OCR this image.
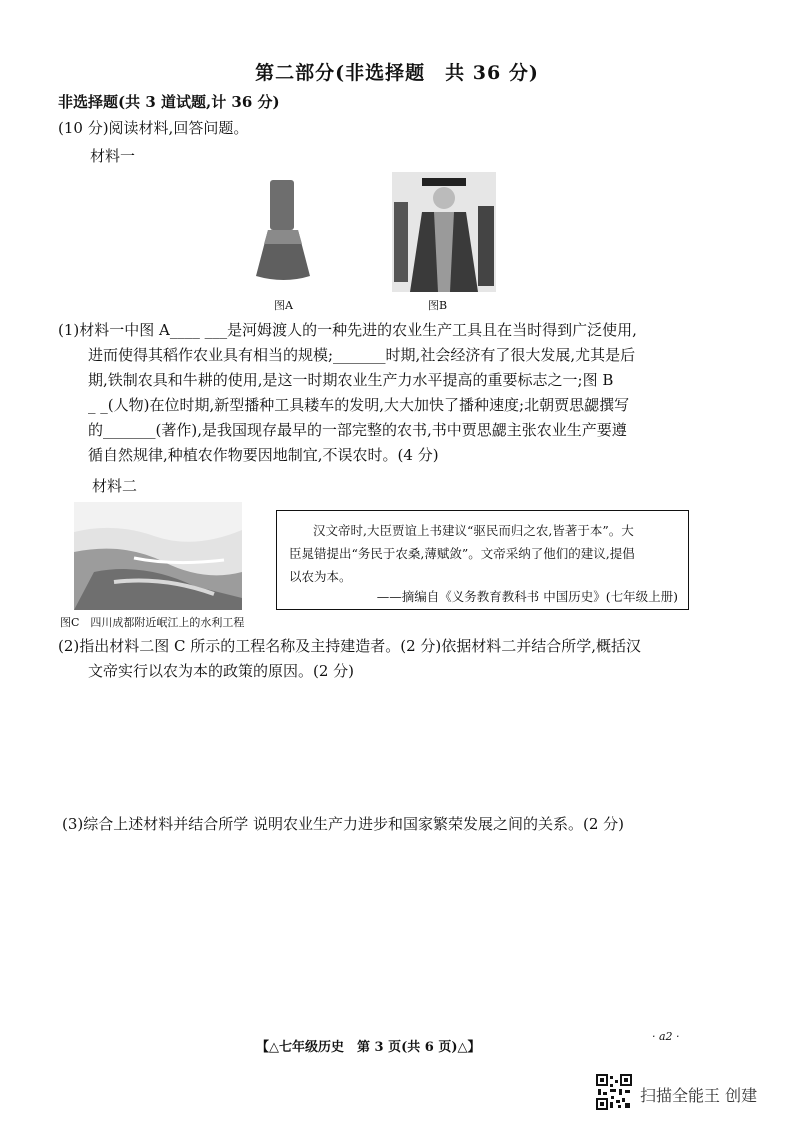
第二部分(非选择题　共 36 分)
非选择题(共 3 道试题,计 36 分)
(10 分)阅读材料,回答问题。
材料一
图A	图B
(1)材料一中图 A____ ___是河姆渡人的一种先进的农业生产工具且在当时得到广泛使用,
进而使得其稻作农业具有相当的规模;_______时期,社会经济有了很大发展,尤其是后
期,铁制农具和牛耕的使用,是这一时期农业生产力水平提高的重要标志之一;图 B
_ _(人物)在位时期,新型播种工具耧车的发明,大大加快了播种速度;北朝贾思勰撰写
的_______(著作),是我国现存最早的一部完整的农书,书中贾思勰主张农业生产要遵
循自然规律,种植农作物要因地制宜,不误农时。(4 分)
材料二
图C　四川成都附近岷江上的水利工程
汉文帝时,大臣贾谊上书建议“驱民而归之农,皆著于本”。大
臣晁错提出“务民于农桑,薄赋敛”。文帝采纳了他们的建议,提倡
以农为本。
——摘编自《义务教育教科书 中国历史》(七年级上册)
(2)指出材料二图 C 所示的工程名称及主持建造者。(2 分)依据材料二并结合所学,概括汉
文帝实行以农为本的政策的原因。(2 分)
(3)综合上述材料并结合所学 说明农业生产力进步和国家繁荣发展之间的关系。(2 分)
【△七年级历史　第 3 页(共 6 页)△】
· a2 ·
扫描全能王 创建
